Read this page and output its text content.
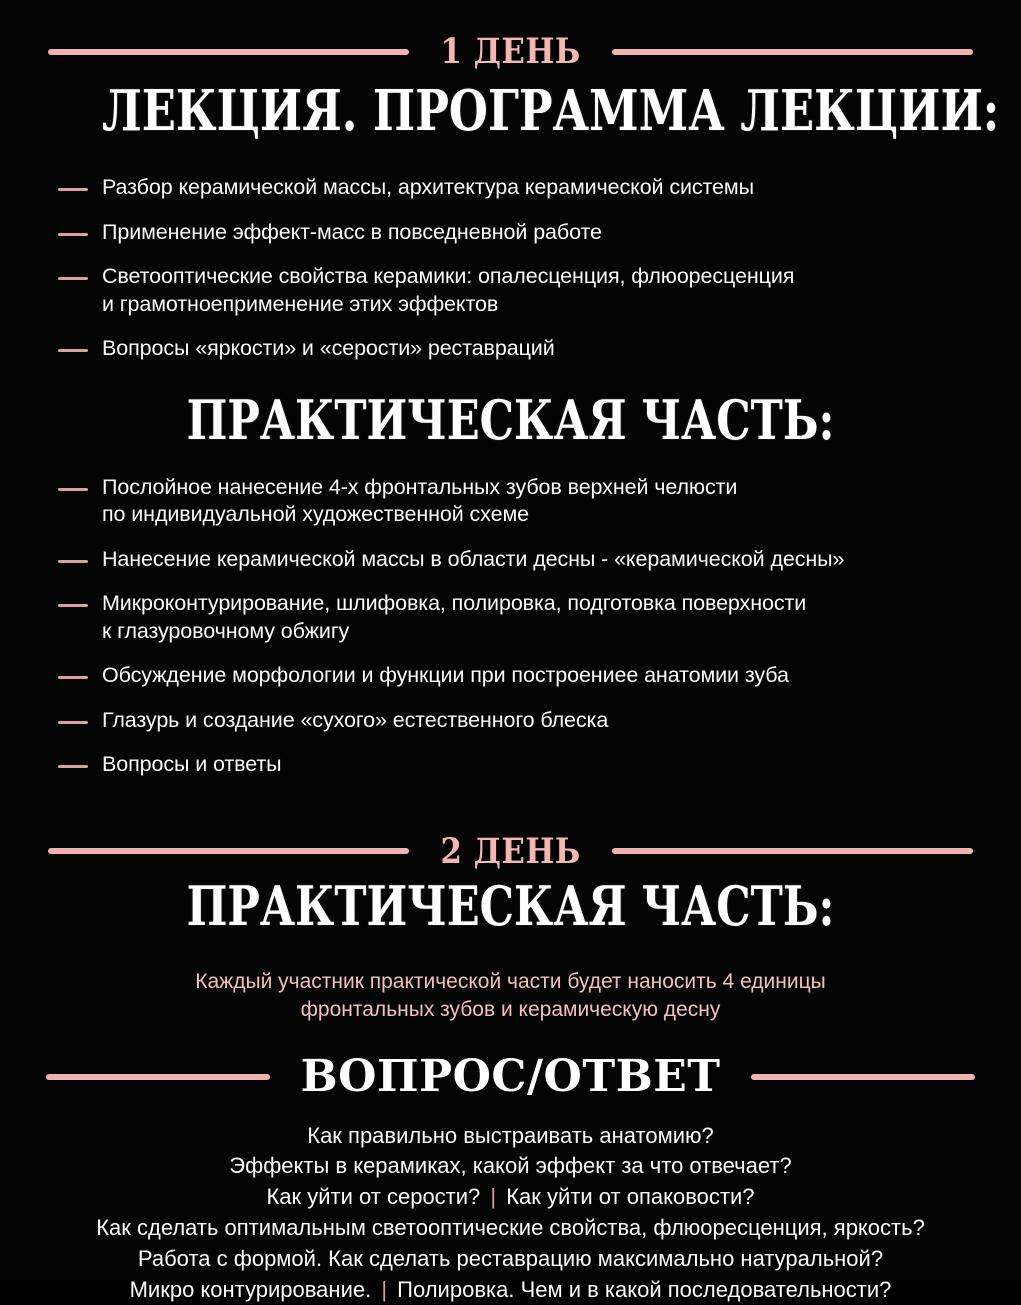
1 ДЕНЬ
ЛЕКЦИЯ. ПРОГРАММА ЛЕКЦИИ:
Разбор керамической массы, архитектура керамической системы
Применение эффект-масс в повседневной работе
Светооптические свойства керамики: опалесценция, флюоресценция
и грамотноеприменение этих эффектов
Вопросы «яркости» и «серости» реставраций
ПРАКТИЧЕСКАЯ ЧАСТЬ:
Послойное нанесение 4-х фронтальных зубов верхней челюсти
по индивидуальной художественной схеме
Нанесение керамической массы в области десны - «керамической десны»
Микроконтурирование, шлифовка, полировка, подготовка поверхности
к глазуровочному обжигу
Обсуждение морфологии и функции при построениее анатомии зуба
Глазурь и создание «сухого» естественного блеска
Вопросы и ответы
2 ДЕНЬ
ПРАКТИЧЕСКАЯ ЧАСТЬ:

Каждый участник практической части будет наносить 4 единицы
фронтальных зубов и керамическую десну

ВОПРОС/ОТВЕТ

Как правильно выстраивать анатомию?

Эффекты в керамиках, какой эффект за что отвечает?

Как уйти от серости? | Как уйти от опаковости?

Как сделать оптимальным светооптические свойства, флюоресценция, яркость?

Работа с формой. Как сделать реставрацию максимально натуральной?

Микро контурирование. | Полировка. Чем и в какой последовательности?
